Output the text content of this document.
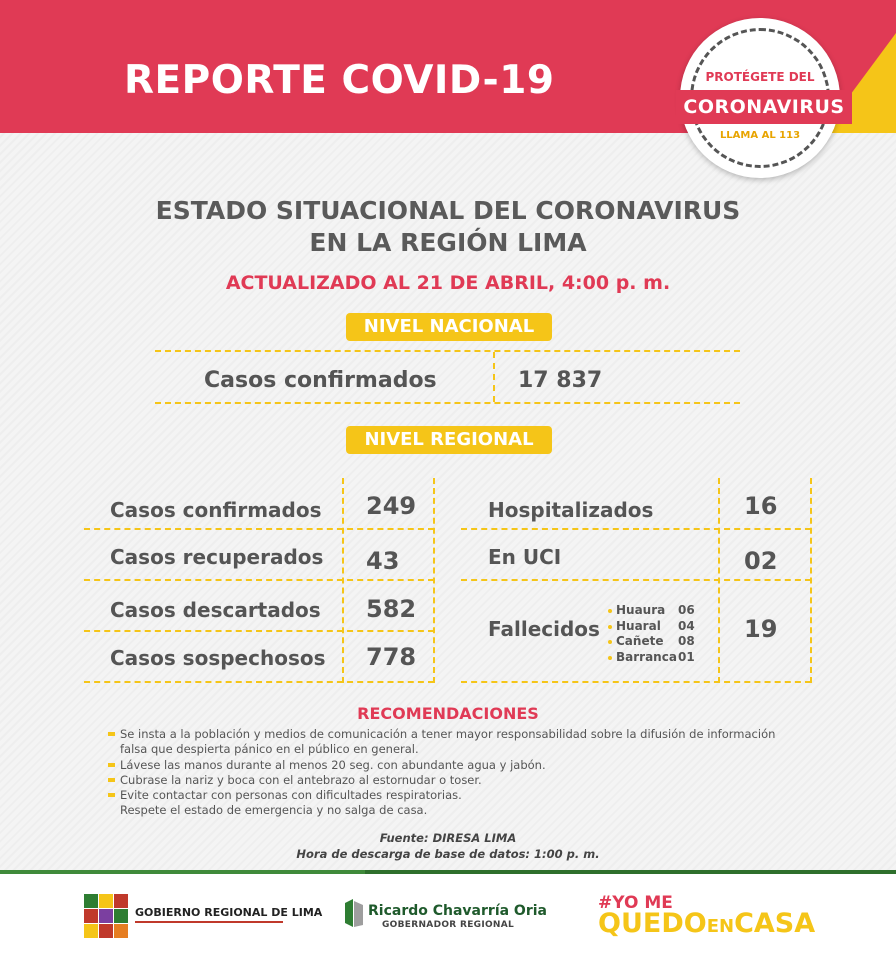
REPORTE COVID-19	PROTÉGETE DEL
CORONAVIRUS
LLAMA AL 113
ESTADO SITUACIONAL DEL CORONAVIRUS
EN LA REGIÓN LIMA
ACTUALIZADO AL 21 DE ABRIL, 4:00 p. m.
NIVEL NACIONAL
Casos confirmados	17 837
NIVEL REGIONAL
Casos confirmados 249
Casos recuperados 43
Casos descartados 582
Casos sospechosos 778
Hospitalizados	16
En UCI	02
Fallecidos	19
Huaura 06
Huaral 04
Cañete 08
Barranca 01
RECOMENDACIONES
Se insta a la población y medios de comunicación a tener mayor responsabilidad sobre la difusión de información
falsa que despierta pánico en el público en general.
Lávese las manos durante al menos 20 seg. con abundante agua y jabón.
Cubrase la nariz y boca con el antebrazo al estornudar o toser.
Evite contactar con personas con dificultades respiratorias.
Respete el estado de emergencia y no salga de casa.
Fuente: DIRESA LIMA
Hora de descarga de base de datos: 1:00 p. m.
GOBIERNO REGIONAL DE LIMA	Ricardo Chavarría Oria
GOBERNADOR REGIONAL
#YO ME
QUEDOENCASA
